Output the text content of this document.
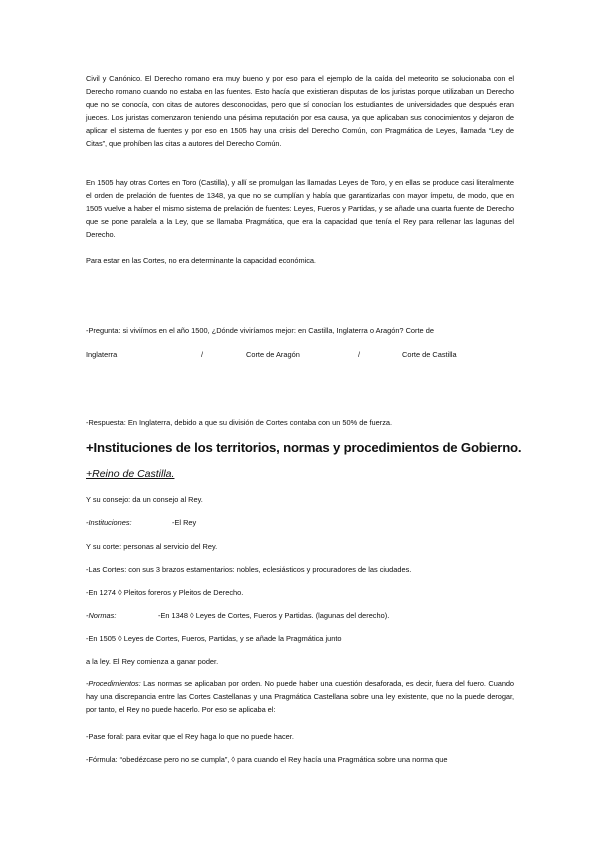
Civil y Canónico. El Derecho romano era muy bueno y por eso para el ejemplo de la caída del meteorito se solucionaba con el Derecho romano cuando no estaba en las fuentes. Esto hacía que existieran disputas de los juristas porque utilizaban un Derecho que no se conocía, con citas de autores desconocidas, pero que sí conocían los estudiantes de universidades que después eran jueces. Los juristas comenzaron teniendo una pésima reputación por esa causa, ya que aplicaban sus conocimientos y dejaron de aplicar el sistema de fuentes y por eso en 1505 hay una crisis del Derecho Común, con Pragmática de Leyes, llamada “Ley de Citas”, que prohíben las citas a autores del Derecho Común.

En 1505 hay otras Cortes en Toro (Castilla), y allí se promulgan las llamadas Leyes de Toro, y en ellas se produce casi literalmente el orden de prelación de fuentes de 1348, ya que no se cumplían y había que garantizarlas con mayor ímpetu, de modo, que en 1505 vuelve a haber el mismo sistema de prelación de fuentes: Leyes, Fueros y Partidas, y se añade una cuarta fuente de Derecho que se pone paralela a la Ley, que se llamaba Pragmática, que era la capacidad que tenía el Rey para rellenar las lagunas del Derecho.

Para estar en las Cortes, no era determinante la capacidad económica.

-Pregunta: si viviímos en el año 1500, ¿Dónde viviríamos mejor: en Castilla, Inglaterra o Aragón? Corte de
Inglaterra	/	Corte de Aragón	/	Corte de Castilla
-Respuesta: En Inglaterra, debido a que su división de Cortes contaba con un 50% de fuerza.
+Instituciones de los territorios, normas y procedimientos de Gobierno.
+Reino de Castilla.
Y su consejo: da un consejo al Rey.
-Instituciones:	-El Rey
Y su corte: personas al servicio del Rey.
-Las Cortes: con sus 3 brazos estamentarios: nobles, eclesiásticos y procuradores de las ciudades.
-En 1274 ◊ Pleitos foreros y Pleitos de Derecho.
-Normas:	-En 1348 ◊ Leyes de Cortes, Fueros y Partidas. (lagunas del derecho).
-En 1505 ◊ Leyes de Cortes, Fueros, Partidas, y se añade la Pragmática junto
a la ley. El Rey comienza a ganar poder.

-Procedimientos: Las normas se aplicaban por orden. No puede haber una cuestión desaforada, es decir, fuera del fuero. Cuando hay una discrepancia entre las Cortes Castellanas y una Pragmática Castellana sobre una ley existente, que no la puede derogar, por tanto, el Rey no puede hacerlo. Por eso se aplicaba el:

-Pase foral: para evitar que el Rey haga lo que no puede hacer.
-Fórmula: “obedézcase pero no se cumpla”, ◊ para cuando el Rey hacía una Pragmática sobre una norma que
